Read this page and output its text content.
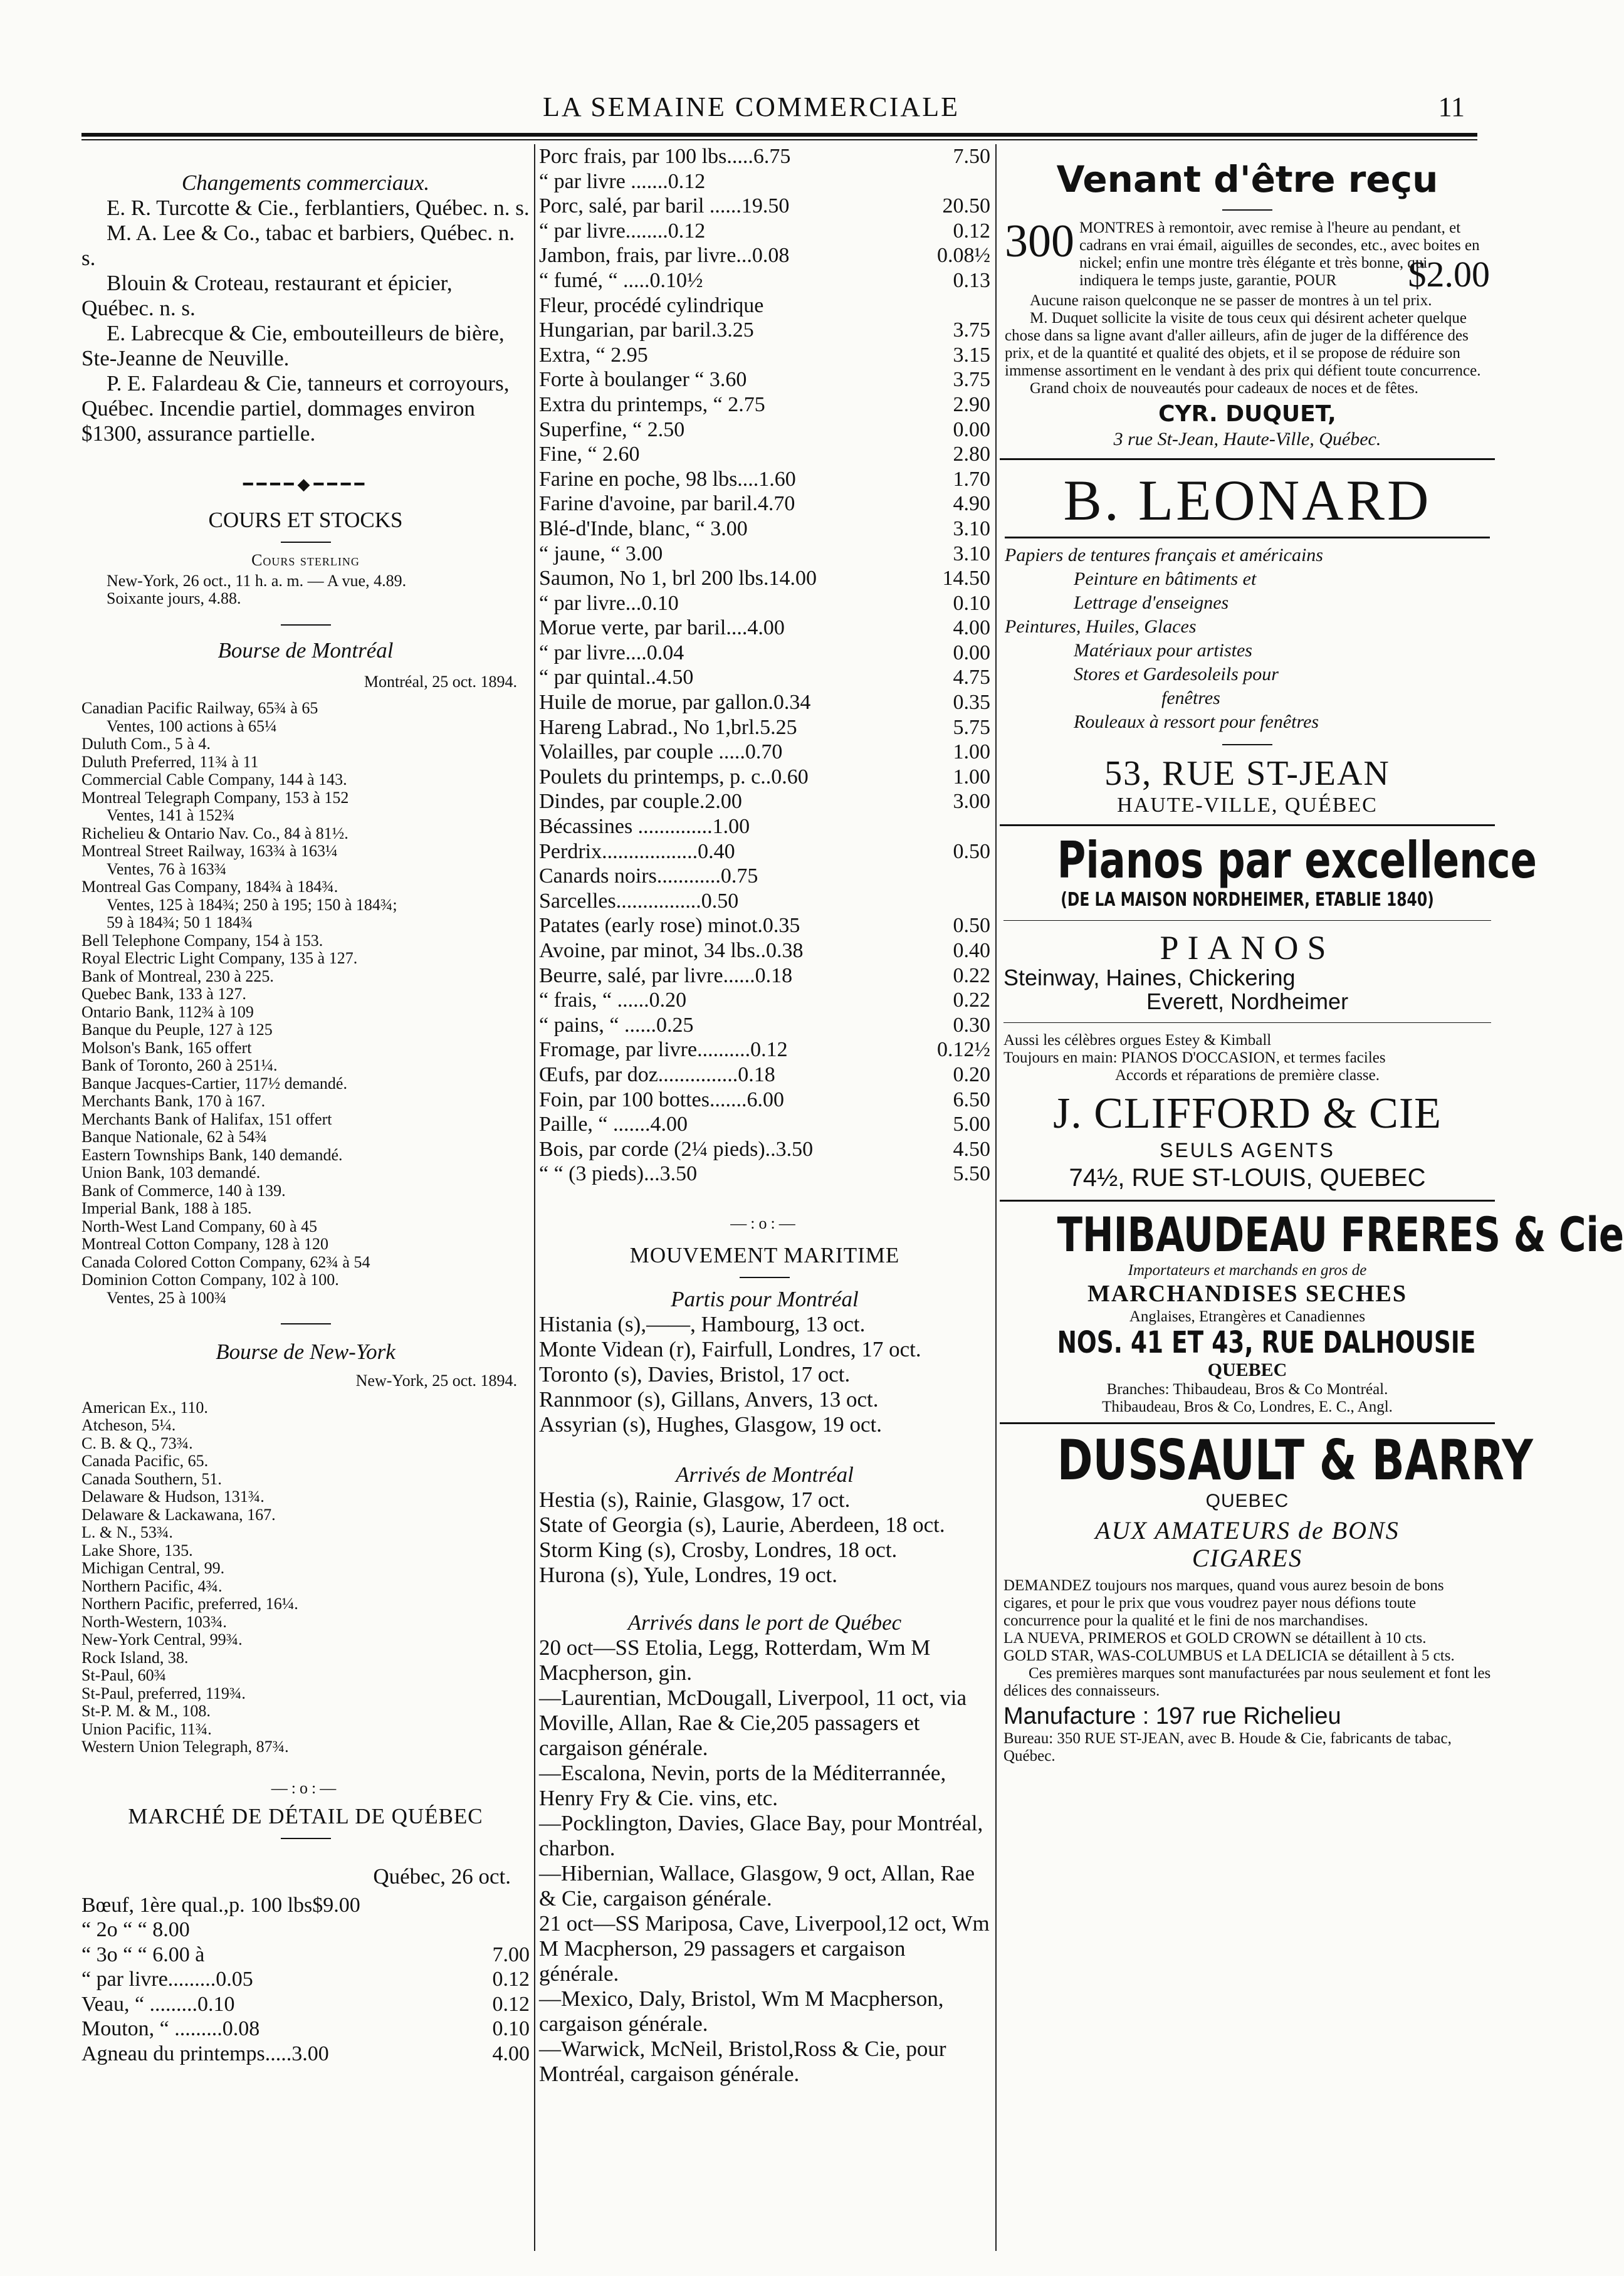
LA SEMAINE COMMERCIALE	11
Changements commerciaux.
E. R. Turcotte & Cie., ferblantiers, Québec. n. s.
M. A. Lee & Co., tabac et barbiers, Québec. n. s.
Blouin & Croteau, restaurant et épicier, Québec. n. s.
E. Labrecque & Cie, embouteilleurs de bière, Ste-Jeanne de Neuville.
P. E. Falardeau & Cie, tanneurs et corroyours, Québec. Incendie partiel, dommages environ $1300, assurance partielle.
━━━━◆━━━━
COURS ET STOCKS
Cours sterling
New-York, 26 oct., 11 h. a. m. — A vue, 4.89.
Soixante jours, 4.88.
Bourse de Montréal
Montréal, 25 oct. 1894.
Canadian Pacific Railway, 65¾ à 65
Ventes, 100 actions à 65¼
Duluth Com., 5 à 4.
Duluth Preferred, 11¾ à 11
Commercial Cable Company, 144 à 143.
Montreal Telegraph Company, 153 à 152
Ventes, 141 à 152¾
Richelieu & Ontario Nav. Co., 84 à 81½.
Montreal Street Railway, 163¾ à 163¼
Ventes, 76 à 163¾
Montreal Gas Company, 184¾ à 184¾.
Ventes, 125 à 184¾; 250 à 195; 150 à 184¾;
59 à 184¾; 50 1 184¾
Bell Telephone Company, 154 à 153.
Royal Electric Light Company, 135 à 127.
Bank of Montreal, 230 à 225.
Quebec Bank, 133 à 127.
Ontario Bank, 112¾ à 109
Banque du Peuple, 127 à 125
Molson's Bank, 165 offert
Bank of Toronto, 260 à 251¼.
Banque Jacques-Cartier, 117½ demandé.
Merchants Bank, 170 à 167.
Merchants Bank of Halifax, 151 offert
Banque Nationale, 62 à 54¾
Eastern Townships Bank, 140 demandé.
Union Bank, 103 demandé.
Bank of Commerce, 140 à 139.
Imperial Bank, 188 à 185.
North-West Land Company, 60 à 45
Montreal Cotton Company, 128 à 120
Canada Colored Cotton Company, 62¾ à 54
Dominion Cotton Company, 102 à 100.
Ventes, 25 à 100¾
Bourse de New-York
New-York, 25 oct. 1894.
American Ex., 110.
Atcheson, 5¼.
C. B. & Q., 73¾.
Canada Pacific, 65.
Canada Southern, 51.
Delaware & Hudson, 131¾.
Delaware & Lackawana, 167.
L. & N., 53¾.
Lake Shore, 135.
Michigan Central, 99.
Northern Pacific, 4¾.
Northern Pacific, preferred, 16¼.
North-Western, 103¾.
New-York Central, 99¾.
Rock Island, 38.
St-Paul, 60¾
St-Paul, preferred, 119¾.
St-P. M. & M., 108.
Union Pacific, 11¾.
Western Union Telegraph, 87¾.
—:o:—
MARCHÉ DE DÉTAIL DE QUÉBEC
Québec, 26 oct.
Bœuf, 1ère qual.,p. 100 lbs$9.00
“ 2o “ “ 8.00
“ 3o “ “ 6.00 à	7.00
“ par livre.........0.05	0.12
Veau, “ .........0.10	0.12
Mouton, “ .........0.08	0.10
Agneau du printemps.....3.00	4.00
Porc frais, par 100 lbs.....6.75	7.50
“ par livre .......0.12
Porc, salé, par baril ......19.50	20.50
“ par livre........0.12	0.12
Jambon, frais, par livre...0.08	0.08½
“ fumé, “ .....0.10½	0.13
Fleur, procédé cylindrique
Hungarian, par baril.3.25	3.75
Extra, “ 2.95	3.15
Forte à boulanger “ 3.60	3.75
Extra du printemps, “ 2.75	2.90
Superfine, “ 2.50	0.00
Fine, “ 2.60	2.80
Farine en poche, 98 lbs....1.60	1.70
Farine d'avoine, par baril.4.70	4.90
Blé-d'Inde, blanc, “ 3.00	3.10
“ jaune, “ 3.00	3.10
Saumon, No 1, brl 200 lbs.14.00	14.50
“ par livre...0.10	0.10
Morue verte, par baril....4.00	4.00
“ par livre....0.04	0.00
“ par quintal..4.50	4.75
Huile de morue, par gallon.0.34	0.35
Hareng Labrad., No 1,brl.5.25	5.75
Volailles, par couple .....0.70	1.00
Poulets du printemps, p. c..0.60	1.00
Dindes, par couple.2.00	3.00
Bécassines ..............1.00
Perdrix..................0.40	0.50
Canards noirs............0.75
Sarcelles................0.50
Patates (early rose) minot.0.35	0.50
Avoine, par minot, 34 lbs..0.38	0.40
Beurre, salé, par livre......0.18	0.22
“ frais, “ ......0.20	0.22
“ pains, “ ......0.25	0.30
Fromage, par livre..........0.12	0.12½
Œufs, par doz...............0.18	0.20
Foin, par 100 bottes.......6.00	6.50
Paille, “ .......4.00	5.00
Bois, par corde (2¼ pieds)..3.50	4.50
“ “ (3 pieds)...3.50	5.50
—:o:—
MOUVEMENT MARITIME
Partis pour Montréal
Histania (s),——, Hambourg, 13 oct.
Monte Videan (r), Fairfull, Londres, 17 oct.
Toronto (s), Davies, Bristol, 17 oct.
Rannmoor (s), Gillans, Anvers, 13 oct.
Assyrian (s), Hughes, Glasgow, 19 oct.
Arrivés de Montréal
Hestia (s), Rainie, Glasgow, 17 oct.
State of Georgia (s), Laurie, Aberdeen, 18 oct.
Storm King (s), Crosby, Londres, 18 oct.
Hurona (s), Yule, Londres, 19 oct.
Arrivés dans le port de Québec
20 oct—SS Etolia, Legg, Rotterdam, Wm M Macpherson, gin.
—Laurentian, McDougall, Liverpool, 11 oct, via Moville, Allan, Rae & Cie,205 passagers et cargaison générale.
—Escalona, Nevin, ports de la Méditerrannée, Henry Fry & Cie. vins, etc.
—Pocklington, Davies, Glace Bay, pour Montréal, charbon.
—Hibernian, Wallace, Glasgow, 9 oct, Allan, Rae & Cie, cargaison générale.
21 oct—SS Mariposa, Cave, Liverpool,12 oct, Wm M Macpherson, 29 passagers et cargaison générale.
—Mexico, Daly, Bristol, Wm M Macpherson, cargaison générale.
—Warwick, McNeil, Bristol,Ross & Cie, pour Montréal, cargaison générale.
Venant d'être reçu
300 MONTRES à remontoir, avec remise à l'heure au pendant, et cadrans en vrai émail, aiguilles de secondes, etc., avec boites en nickel; enfin une montre très élégante et très bonne, qui indiquera le temps juste, garantie, POUR	$2.00
Aucune raison quelconque ne se passer de montres à un tel prix.
M. Duquet sollicite la visite de tous ceux qui désirent acheter quelque chose dans sa ligne avant d'aller ailleurs, afin de juger de la différence des prix, et de la quantité et qualité des objets, et il se propose de réduire son immense assortiment en le vendant à des prix qui défient toute concurrence.
Grand choix de nouveautés pour cadeaux de noces et de fêtes.
CYR. DUQUET,
3 rue St-Jean, Haute-Ville, Québec.
B. LEONARD
Papiers de tentures français et américains
Peinture en bâtiments et
Lettrage d'enseignes
Peintures, Huiles, Glaces
Matériaux pour artistes
Stores et Gardesoleils pour
fenêtres
Rouleaux à ressort pour fenêtres
53, RUE ST-JEAN
HAUTE-VILLE, QUÉBEC
Pianos par excellence
(DE LA MAISON NORDHEIMER, ETABLIE 1840)
PIANOS
Steinway, Haines, Chickering
Everett, Nordheimer
Aussi les célèbres orgues Estey & Kimball
Toujours en main: PIANOS D'OCCASION, et termes faciles
Accords et réparations de première classe.
J. CLIFFORD & CIE
SEULS AGENTS
74½, RUE ST-LOUIS, QUEBEC
THIBAUDEAU FRERES & Cie
Importateurs et marchands en gros de
MARCHANDISES SECHES
Anglaises, Etrangères et Canadiennes
NOS. 41 ET 43, RUE DALHOUSIE
QUEBEC
Branches: Thibaudeau, Bros & Co Montréal.
Thibaudeau, Bros & Co, Londres, E. C., Angl.
DUSSAULT & BARRY
QUEBEC
AUX AMATEURS de BONS
CIGARES
DEMANDEZ toujours nos marques, quand vous aurez besoin de bons cigares, et pour le prix que vous voudrez payer nous défions toute concurrence pour la qualité et le fini de nos marchandises.
LA NUEVA, PRIMEROS et GOLD CROWN se détaillent à 10 cts.
GOLD STAR, WAS-COLUMBUS et LA DELICIA se détaillent à 5 cts.
Ces premières marques sont manufacturées par nous seulement et font les délices des connaisseurs.
Manufacture : 197 rue Richelieu
Bureau: 350 RUE ST-JEAN, avec B. Houde & Cie, fabricants de tabac, Québec.
